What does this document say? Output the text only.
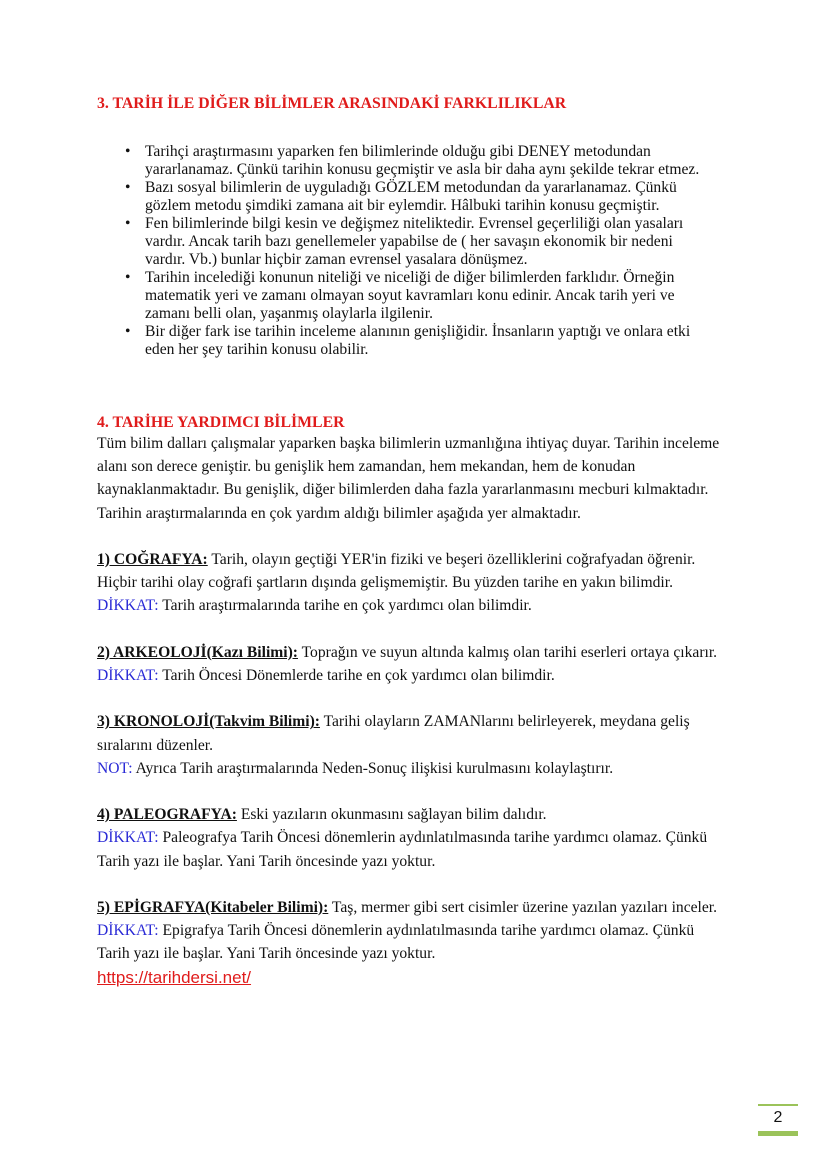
3. TARİH İLE DİĞER BİLİMLER ARASINDAKİ FARKLILIKLAR
• Tarihçi araştırmasını yaparken fen bilimlerinde olduğu gibi DENEY metodundan yararlanamaz. Çünkü tarihin konusu geçmiştir ve asla bir daha aynı şekilde tekrar etmez.
• Bazı sosyal bilimlerin de uyguladığı GÖZLEM metodundan da yararlanamaz. Çünkü gözlem metodu şimdiki zamana ait bir eylemdir. Hâlbuki tarihin konusu geçmiştir.
• Fen bilimlerinde bilgi kesin ve değişmez niteliktedir. Evrensel geçerliliği olan yasaları vardır. Ancak tarih bazı genellemeler yapabilse de ( her savaşın ekonomik bir nedeni vardır. Vb.) bunlar hiçbir zaman evrensel yasalara dönüşmez.
• Tarihin incelediği konunun niteliği ve niceliği de diğer bilimlerden farklıdır. Örneğin matematik yeri ve zamanı olmayan soyut kavramları konu edinir. Ancak tarih yeri ve zamanı belli olan, yaşanmış olaylarla ilgilenir.
• Bir diğer fark ise tarihin inceleme alanının genişliğidir. İnsanların yaptığı ve onlara etki eden her şey tarihin konusu olabilir.
4. TARİHE YARDIMCI BİLİMLER

Tüm bilim dalları çalışmalar yaparken başka bilimlerin uzmanlığına ihtiyaç duyar. Tarihin inceleme alanı son derece geniştir. bu genişlik hem zamandan, hem mekandan, hem de konudan kaynaklanmaktadır. Bu genişlik, diğer bilimlerden daha fazla yararlanmasını mecburi kılmaktadır. Tarihin araştırmalarında en çok yardım aldığı bilimler aşağıda yer almaktadır.

1) COĞRAFYA: Tarih, olayın geçtiği YER'in fiziki ve beşeri özelliklerini coğrafyadan öğrenir. Hiçbir tarihi olay coğrafi şartların dışında gelişmemiştir. Bu yüzden tarihe en yakın bilimdir.

DİKKAT: Tarih araştırmalarında tarihe en çok yardımcı olan bilimdir.

2) ARKEOLOJİ(Kazı Bilimi): Toprağın ve suyun altında kalmış olan tarihi eserleri ortaya çıkarır.

DİKKAT: Tarih Öncesi Dönemlerde tarihe en çok yardımcı olan bilimdir.

3) KRONOLOJİ(Takvim Bilimi): Tarihi olayların ZAMANlarını belirleyerek, meydana geliş sıralarını düzenler.

NOT: Ayrıca Tarih araştırmalarında Neden-Sonuç ilişkisi kurulmasını kolaylaştırır.

4) PALEOGRAFYA: Eski yazıların okunmasını sağlayan bilim dalıdır.

DİKKAT: Paleografya Tarih Öncesi dönemlerin aydınlatılmasında tarihe yardımcı olamaz. Çünkü Tarih yazı ile başlar. Yani Tarih öncesinde yazı yoktur.

5) EPİGRAFYA(Kitabeler Bilimi): Taş, mermer gibi sert cisimler üzerine yazılan yazıları inceler.

DİKKAT: Epigrafya Tarih Öncesi dönemlerin aydınlatılmasında tarihe yardımcı olamaz. Çünkü Tarih yazı ile başlar. Yani Tarih öncesinde yazı yoktur.

https://tarihdersi.net/

2
